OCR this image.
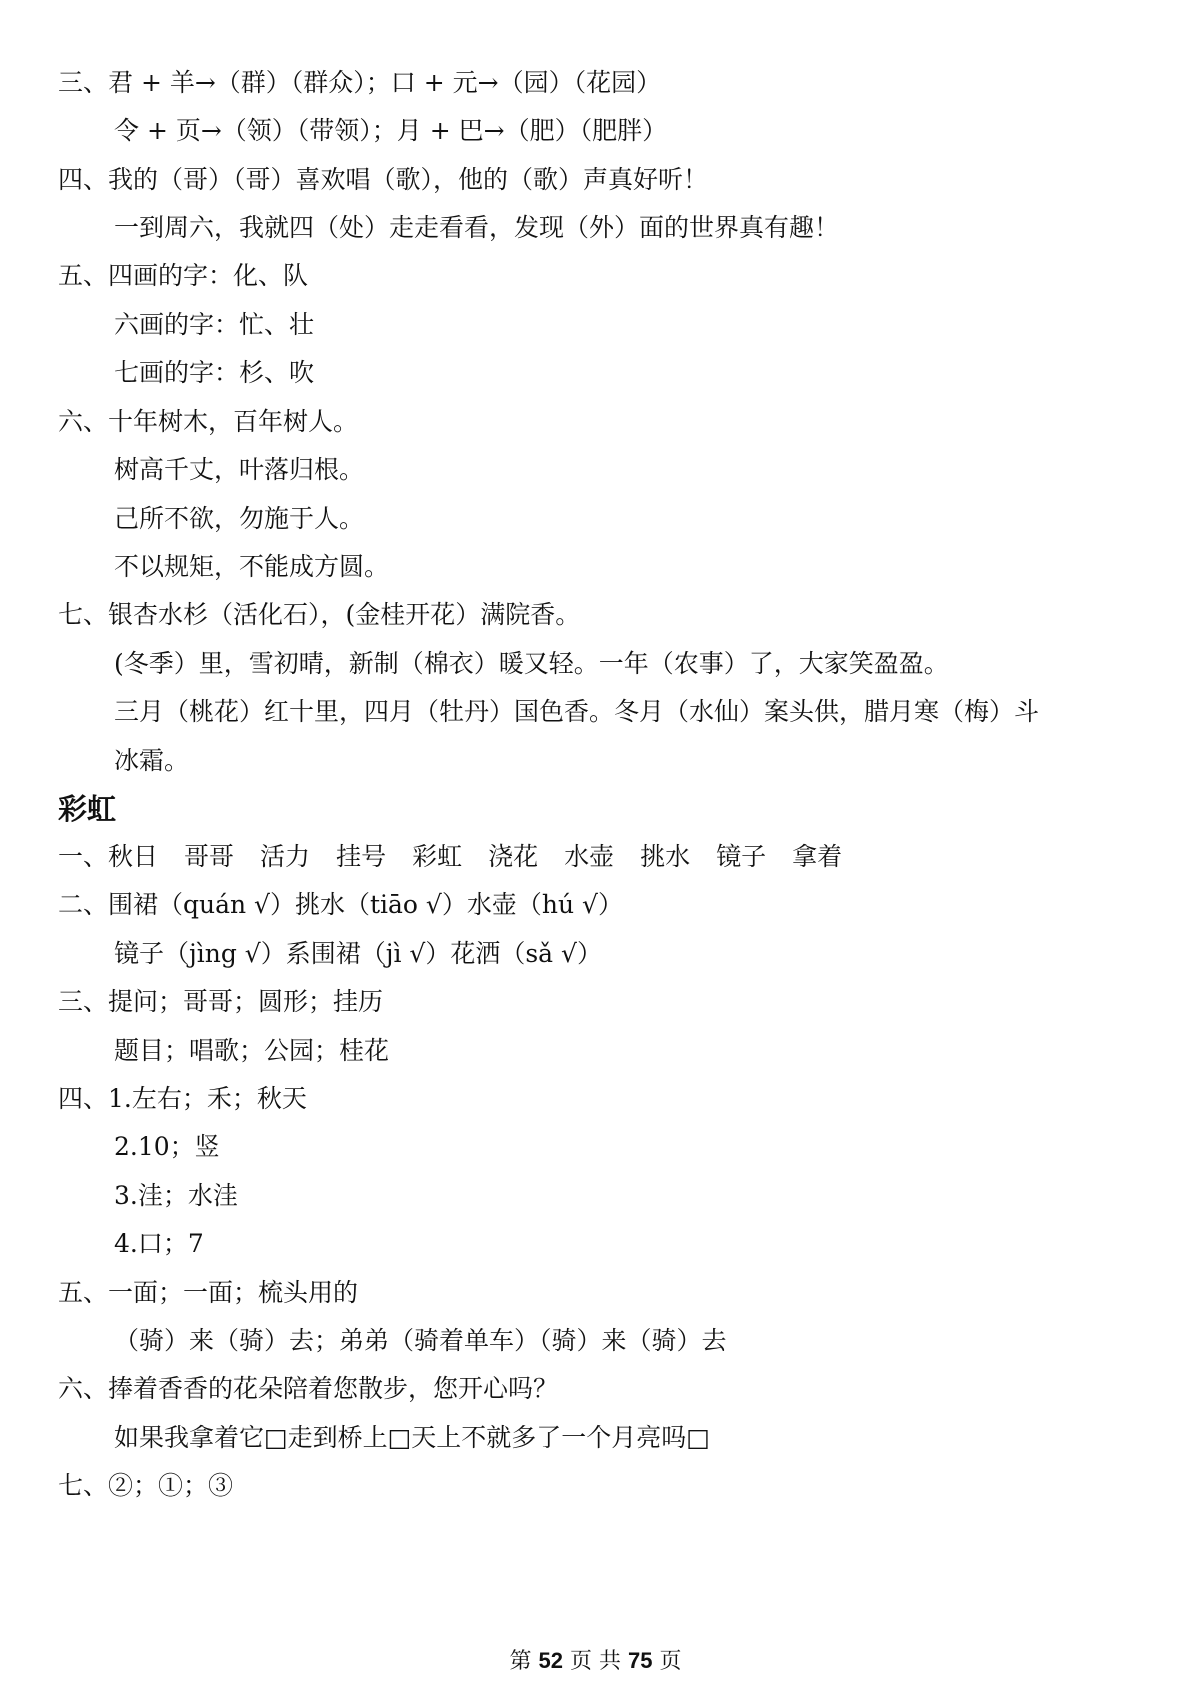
三、君 + 羊→（群）（群众）；口 + 元→（园）（花园）
令 + 页→（领）（带领）；月 + 巴→（肥）（肥胖）
四、我的（哥）（哥）喜欢唱（歌），他的（歌）声真好听！
一到周六，我就四（处）走走看看，发现（外）面的世界真有趣！
五、四画的字：化、队
六画的字：忙、壮
七画的字：杉、吹
六、十年树木，百年树人。
树高千丈，叶落归根。
己所不欲，勿施于人。
不以规矩，不能成方圆。
七、银杏水杉（活化石），(金桂开花）满院香。
(冬季）里，雪初晴，新制（棉衣）暖又轻。一年（农事）了，大家笑盈盈。
三月（桃花）红十里，四月（牡丹）国色香。冬月（水仙）案头供，腊月寒（梅）斗
冰霜。
彩虹
一、秋日 哥哥 活力 挂号 彩虹 浇花 水壶 挑水 镜子 拿着
二、围裙（quán √）挑水（tiāo √）水壶（hú √）
镜子（jìng √）系围裙（jì √）花洒（sǎ √）
三、提问；哥哥；圆形；挂历
题目；唱歌；公园；桂花
四、1.左右；禾；秋天
2.10；竖
3.洼；水洼
4.口；7
五、一面；一面；梳头用的
（骑）来（骑）去；弟弟（骑着单车）（骑）来（骑）去
六、捧着香香的花朵陪着您散步，您开心吗？
如果我拿着它□走到桥上□天上不就多了一个月亮吗□
七、②；①；③
第 52 页 共 75 页
